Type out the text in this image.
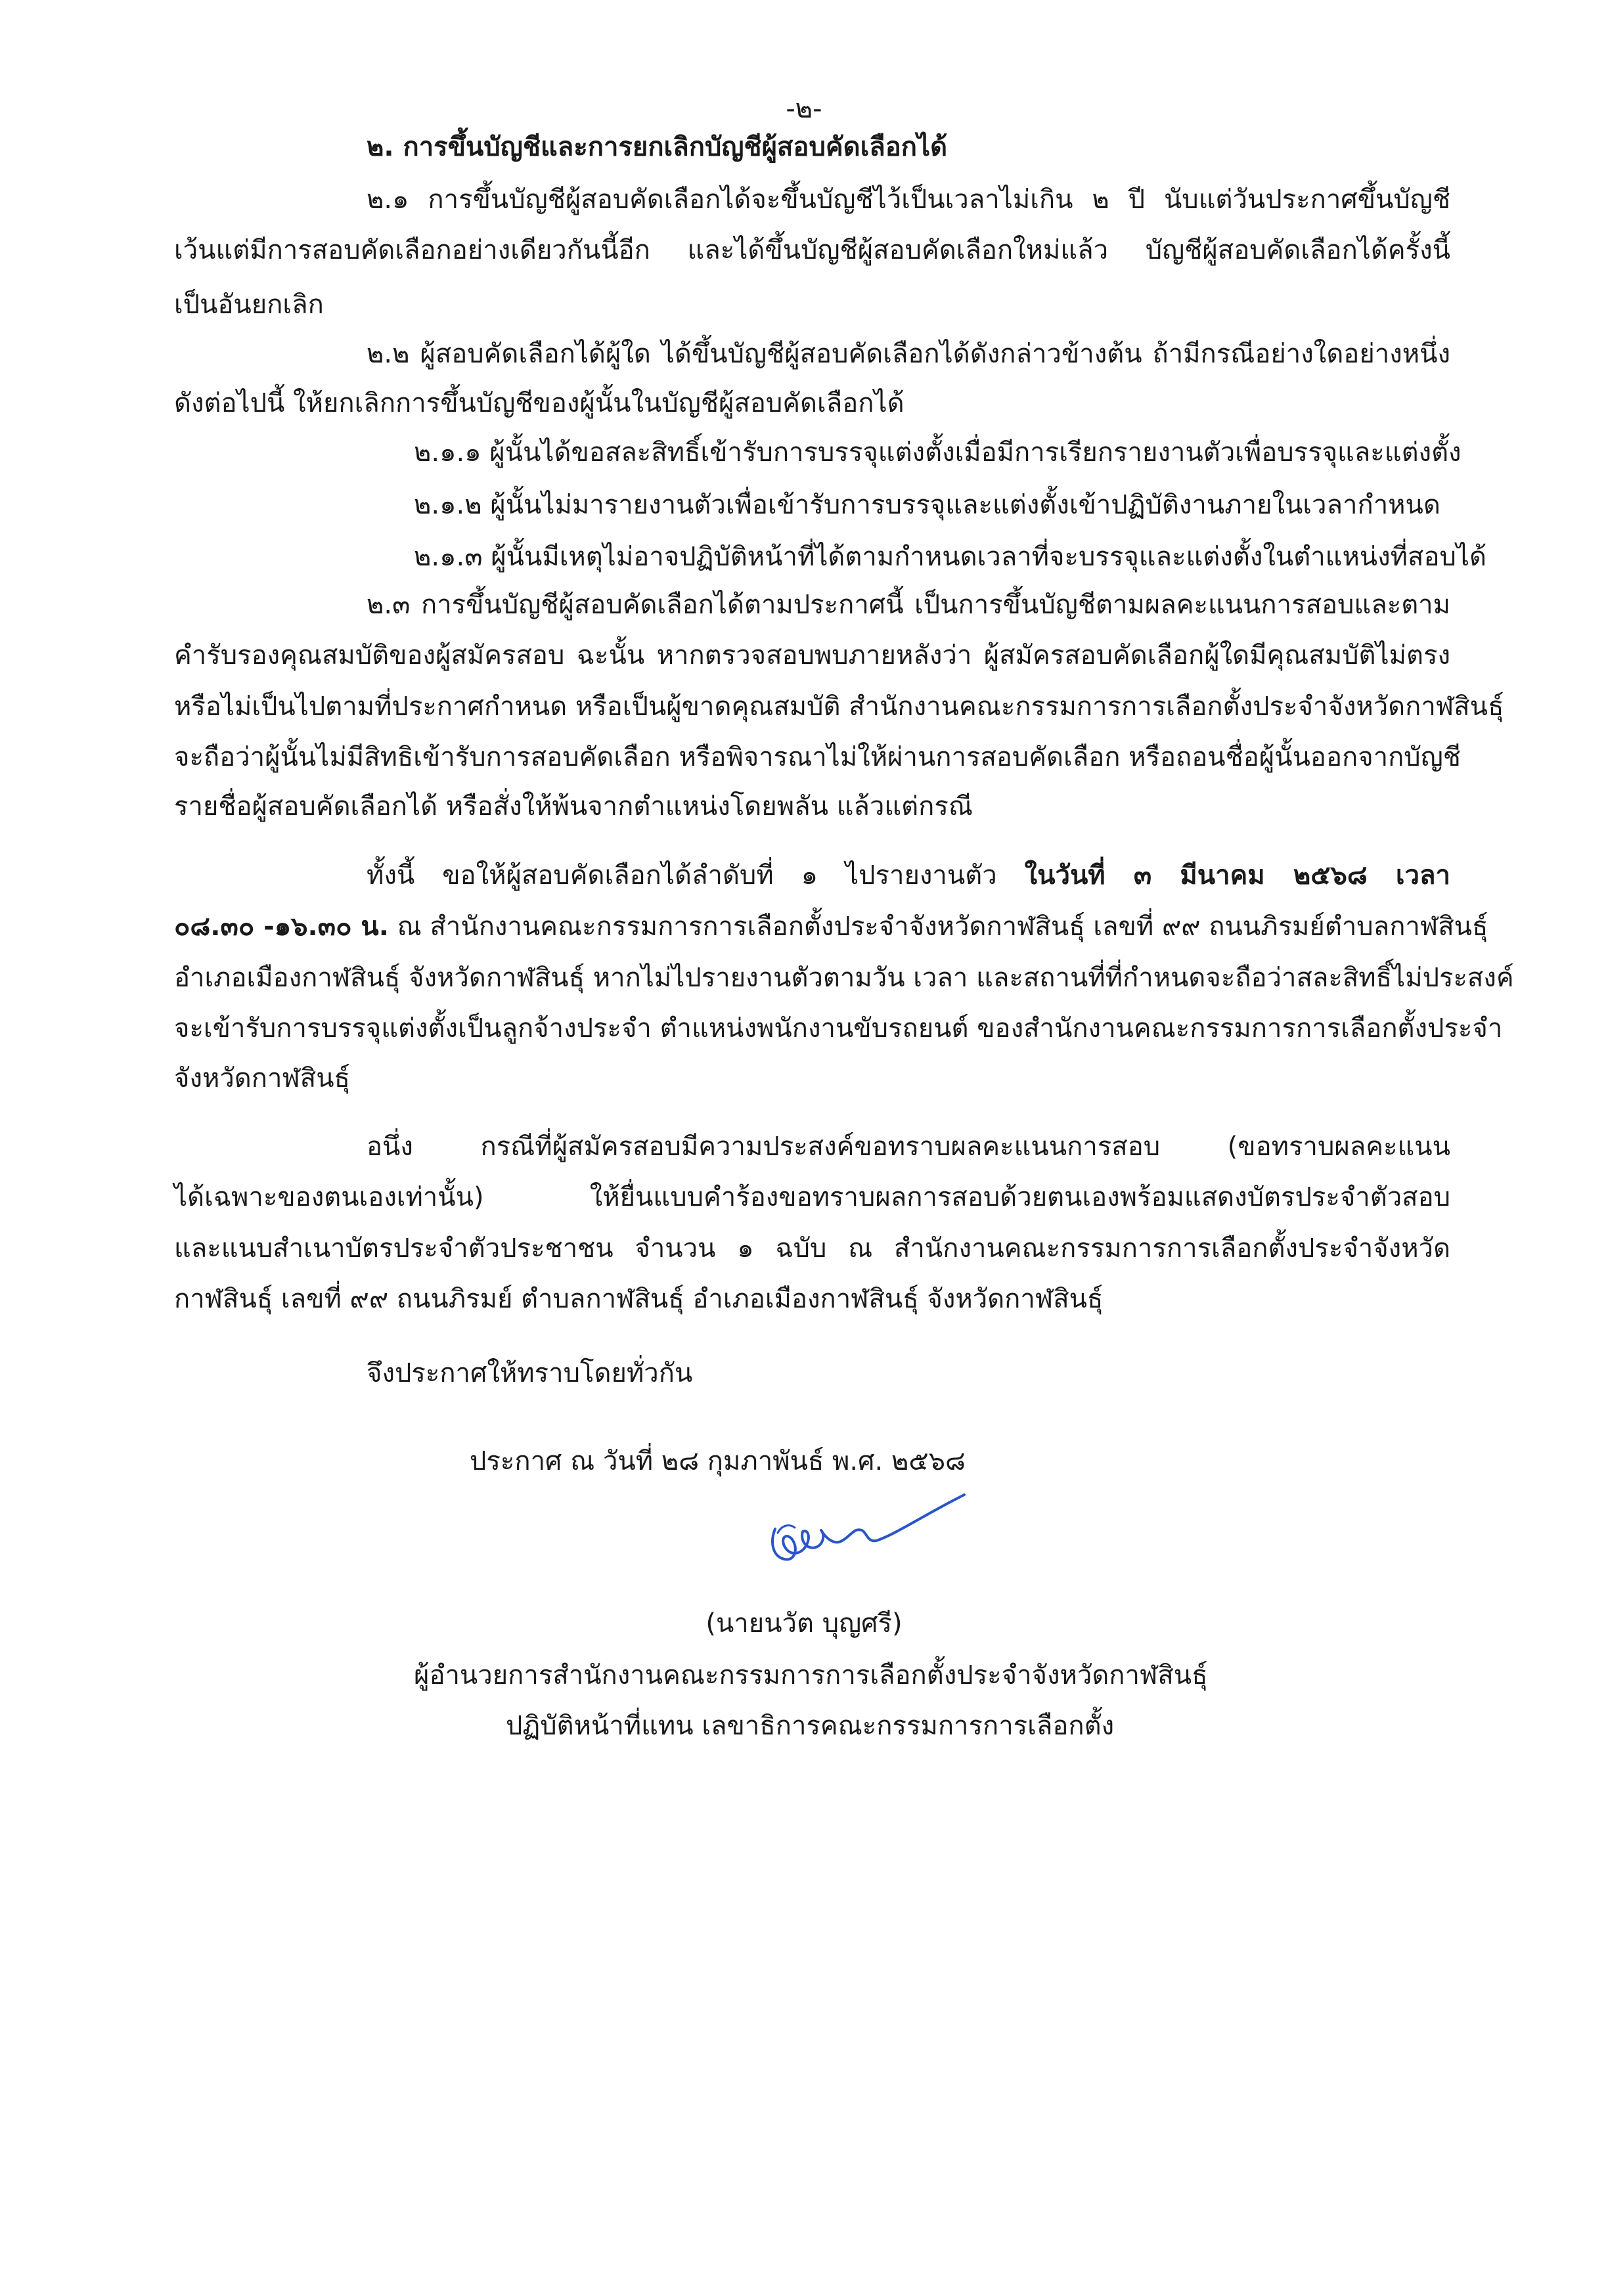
-๒-
๒. การขึ้นบัญชีและการยกเลิกบัญชีผู้สอบคัดเลือกได้
๒.๑ การขึ้นบัญชีผู้สอบคัดเลือกได้จะขึ้นบัญชีไว้เป็นเวลาไม่เกิน ๒ ปี นับแต่วันประกาศขึ้นบัญชี
เว้นแต่มีการสอบคัดเลือกอย่างเดียวกันนี้อีก และได้ขึ้นบัญชีผู้สอบคัดเลือกใหม่แล้ว บัญชีผู้สอบคัดเลือกได้ครั้งนี้
เป็นอันยกเลิก
๒.๒ ผู้สอบคัดเลือกได้ผู้ใด ได้ขึ้นบัญชีผู้สอบคัดเลือกได้ดังกล่าวข้างต้น ถ้ามีกรณีอย่างใดอย่างหนึ่ง
ดังต่อไปนี้ ให้ยกเลิกการขึ้นบัญชีของผู้นั้นในบัญชีผู้สอบคัดเลือกได้
๒.๑.๑ ผู้นั้นได้ขอสละสิทธิ์เข้ารับการบรรจุแต่งตั้งเมื่อมีการเรียกรายงานตัวเพื่อบรรจุและแต่งตั้ง
๒.๑.๒ ผู้นั้นไม่มารายงานตัวเพื่อเข้ารับการบรรจุและแต่งตั้งเข้าปฏิบัติงานภายในเวลากำหนด
๒.๑.๓ ผู้นั้นมีเหตุไม่อาจปฏิบัติหน้าที่ได้ตามกำหนดเวลาที่จะบรรจุและแต่งตั้งในตำแหน่งที่สอบได้
๒.๓ การขึ้นบัญชีผู้สอบคัดเลือกได้ตามประกาศนี้ เป็นการขึ้นบัญชีตามผลคะแนนการสอบและตาม
คำรับรองคุณสมบัติของผู้สมัครสอบ ฉะนั้น หากตรวจสอบพบภายหลังว่า ผู้สมัครสอบคัดเลือกผู้ใดมีคุณสมบัติไม่ตรง
หรือไม่เป็นไปตามที่ประกาศกำหนด หรือเป็นผู้ขาดคุณสมบัติ สำนักงานคณะกรรมการการเลือกตั้งประจำจังหวัดกาฬสินธุ์
จะถือว่าผู้นั้นไม่มีสิทธิเข้ารับการสอบคัดเลือก หรือพิจารณาไม่ให้ผ่านการสอบคัดเลือก หรือถอนชื่อผู้นั้นออกจากบัญชี
รายชื่อผู้สอบคัดเลือกได้ หรือสั่งให้พ้นจากตำแหน่งโดยพลัน แล้วแต่กรณี
ทั้งนี้ ขอให้ผู้สอบคัดเลือกได้ลำดับที่ ๑ ไปรายงานตัว ในวันที่ ๓ มีนาคม ๒๕๖๘ เวลา
๐๘.๓๐ -๑๖.๓๐ น. ณ สำนักงานคณะกรรมการการเลือกตั้งประจำจังหวัดกาฬสินธุ์ เลขที่ ๙๙ ถนนภิรมย์ตำบลกาฬสินธุ์
อำเภอเมืองกาฬสินธุ์ จังหวัดกาฬสินธุ์ หากไม่ไปรายงานตัวตามวัน เวลา และสถานที่ที่กำหนดจะถือว่าสละสิทธิ์ไม่ประสงค์
จะเข้ารับการบรรจุแต่งตั้งเป็นลูกจ้างประจำ ตำแหน่งพนักงานขับรถยนต์ ของสำนักงานคณะกรรมการการเลือกตั้งประจำ
จังหวัดกาฬสินธุ์
อนึ่ง กรณีที่ผู้สมัครสอบมีความประสงค์ขอทราบผลคะแนนการสอบ (ขอทราบผลคะแนน
ได้เฉพาะของตนเองเท่านั้น) ให้ยื่นแบบคำร้องขอทราบผลการสอบด้วยตนเองพร้อมแสดงบัตรประจำตัวสอบ
และแนบสำเนาบัตรประจำตัวประชาชน จำนวน ๑ ฉบับ ณ สำนักงานคณะกรรมการการเลือกตั้งประจำจังหวัด
กาฬสินธุ์ เลขที่ ๙๙ ถนนภิรมย์ ตำบลกาฬสินธุ์ อำเภอเมืองกาฬสินธุ์ จังหวัดกาฬสินธุ์
จึงประกาศให้ทราบโดยทั่วกัน
ประกาศ ณ วันที่ ๒๘ กุมภาพันธ์ พ.ศ. ๒๕๖๘
(นายนวัต บุญศรี)
ผู้อำนวยการสำนักงานคณะกรรมการการเลือกตั้งประจำจังหวัดกาฬสินธุ์
ปฏิบัติหน้าที่แทน เลขาธิการคณะกรรมการการเลือกตั้ง
